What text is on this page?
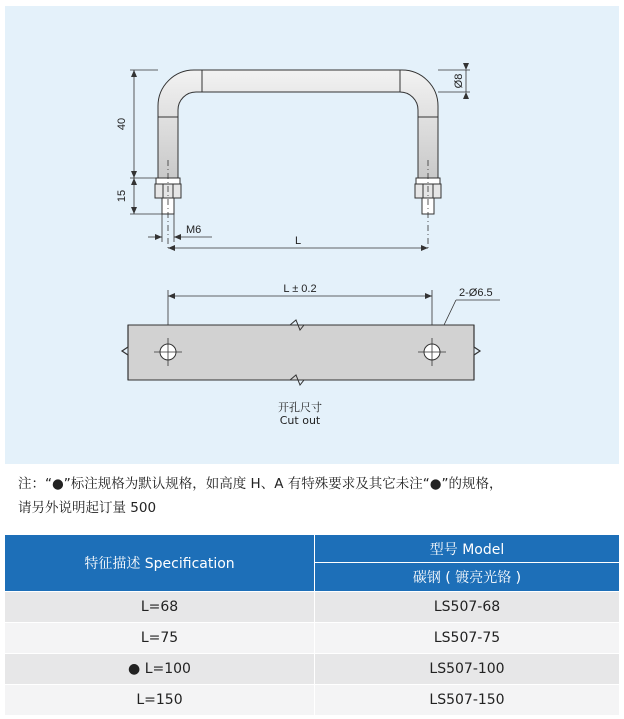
40
15
Ø8
M6
L
L ± 0.2	2-Ø6.5
开孔尺寸
Cut out

注：“●”标注规格为默认规格，如高度 H、A 有特殊要求及其它未注“●”的规格，

请另外说明起订量 500

特征描述 Specification	型号 Model
	碳钢 ( 镀亮光铬 )
L=68	LS507-68
L=75	LS507-75
● L=100	LS507-100
L=150	LS507-150
